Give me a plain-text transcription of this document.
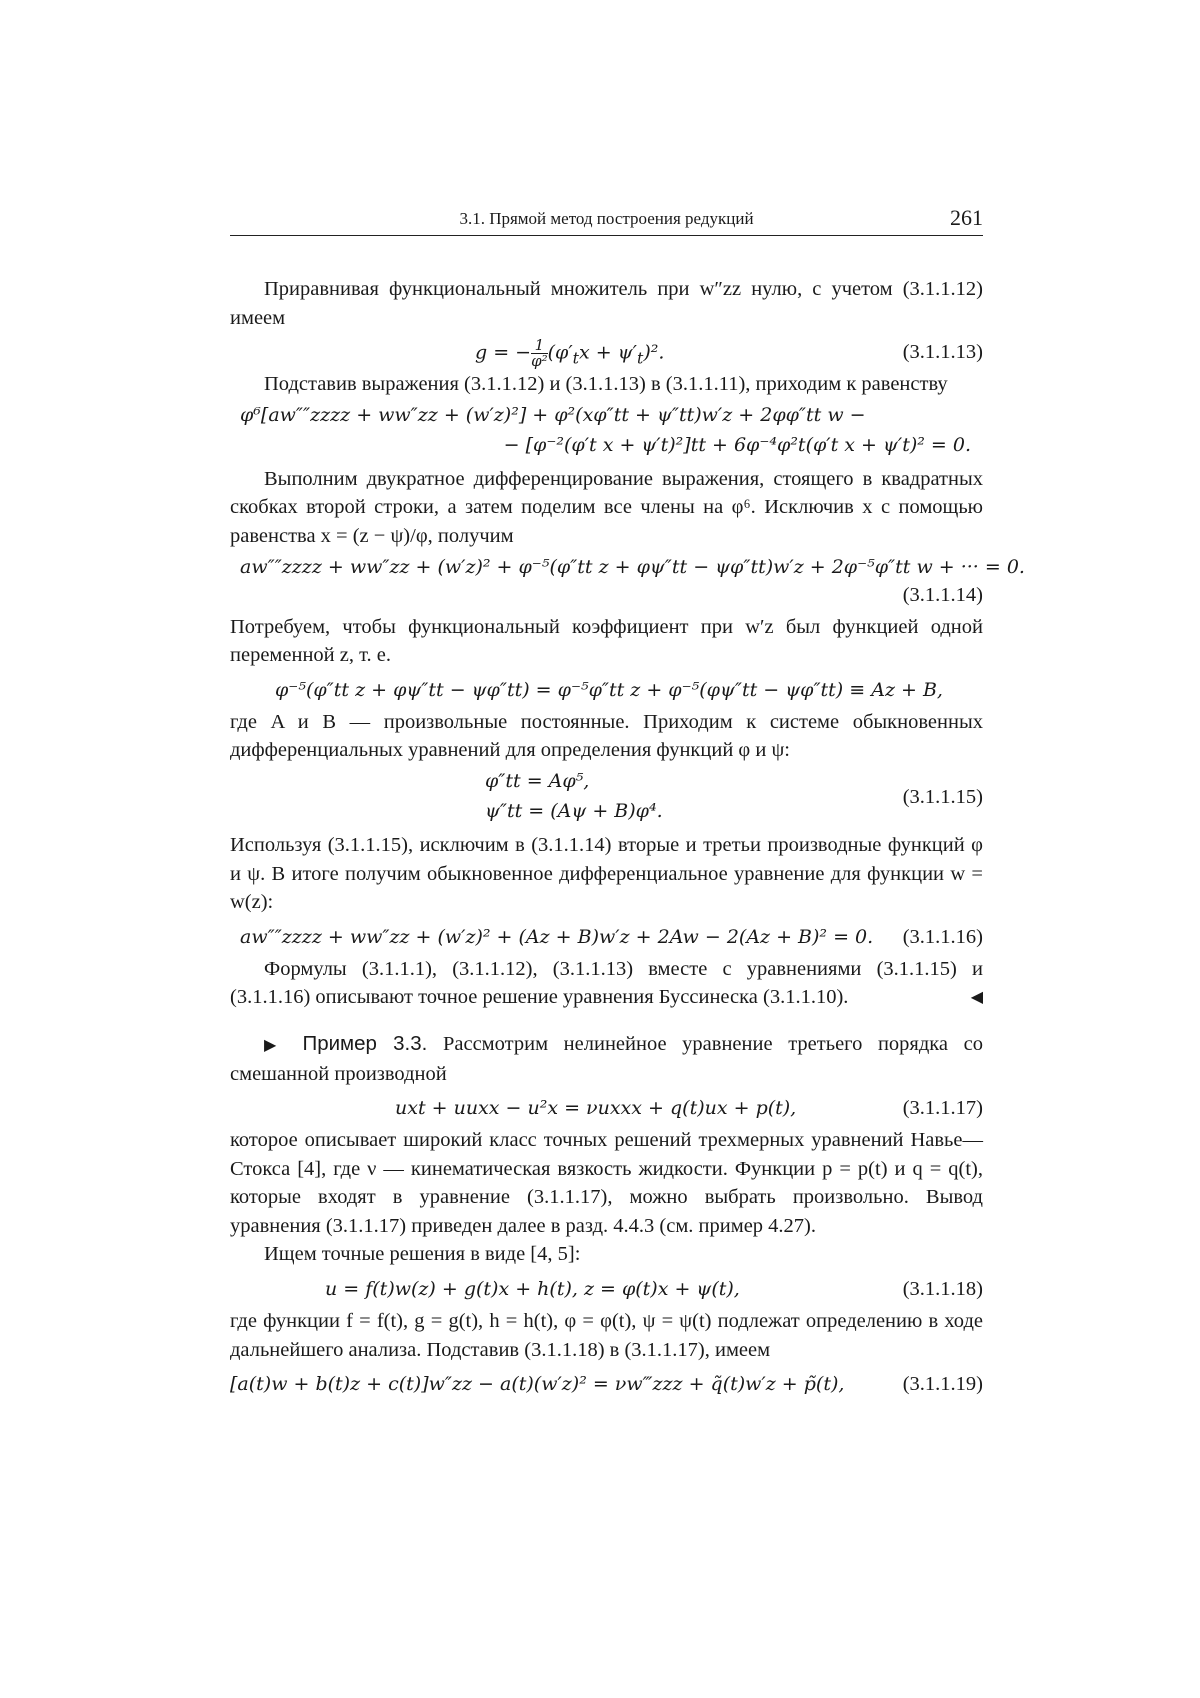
3.1. Прямой метод построения редукций	261

Приравнивая функциональный множитель при w″zz нулю, с учетом (3.1.1.12) имеем

g = − $\frac{1}{\text{φ²}} (\varphi'_tx + \psi'_t)^2$.	(3.1.1.13)

Подставив выражения (3.1.1.12) и (3.1.1.13) в (3.1.1.11), приходим к равенству

φ⁶[aw″″zzzz + ww″zz + (w′z)²] + φ²(xφ″tt + ψ″tt)w′z + 2φφ″tt w −
− [φ⁻²(φ′t x + ψ′t)²]tt + 6φ⁻⁴φ²t(φ′t x + ψ′t)² = 0.

Выполним двукратное дифференцирование выражения, стоящего в квадратных скобках второй строки, а затем поделим все члены на φ⁶. Исключив x с помощью равенства x = (z − ψ)/φ, получим

aw″″zzzz + ww″zz + (w′z)² + φ⁻⁵(φ″tt z + φψ″tt − ψφ″tt)w′z + 2φ⁻⁵φ″tt w + ··· = 0.
(3.1.1.14)

Потребуем, чтобы функциональный коэффициент при w′z был функцией одной переменной z, т. е.

φ⁻⁵(φ″tt z + φψ″tt − ψφ″tt) = φ⁻⁵φ″tt z + φ⁻⁵(φψ″tt − ψφ″tt) ≡ Az + B,

где A и B — произвольные постоянные. Приходим к системе обыкновенных дифференциальных уравнений для определения функций φ и ψ:

φ″tt = Aφ⁵,
ψ″tt = (Aψ + B)φ⁴.
(3.1.1.15)

Используя (3.1.1.15), исключим в (3.1.1.14) вторые и третьи производные функций φ и ψ. В итоге получим обыкновенное дифференциальное уравнение для функции w = w(z):

aw″″zzzz + ww″zz + (w′z)² + (Az + B)w′z + 2Aw − 2(Az + B)² = 0. (3.1.1.16)

Формулы (3.1.1.1), (3.1.1.12), (3.1.1.13) вместе с уравнениями (3.1.1.15) и (3.1.1.16) описывают точное решение уравнения Буссинеска (3.1.1.10).	◀

▶ Пример 3.3. Рассмотрим нелинейное уравнение третьего порядка со смешанной производной

uxt + uuxx − u²x = νuxxx + q(t)ux + p(t),	(3.1.1.17)

которое описывает широкий класс точных решений трехмерных уравнений Навье—Стокса [4], где ν — кинематическая вязкость жидкости. Функции p = p(t) и q = q(t), которые входят в уравнение (3.1.1.17), можно выбрать произвольно. Вывод уравнения (3.1.1.17) приведен далее в разд. 4.4.3 (см. пример 4.27).

Ищем точные решения в виде [4, 5]:

u = f(t)w(z) + g(t)x + h(t), z = φ(t)x + ψ(t),	(3.1.1.18)

где функции f = f(t), g = g(t), h = h(t), φ = φ(t), ψ = ψ(t) подлежат определению в ходе дальнейшего анализа. Подставив (3.1.1.18) в (3.1.1.17), имеем

[a(t)w + b(t)z + c(t)]w″zz − a(t)(w′z)² = νw‴zzz + q̃(t)w′z + p̃(t),	(3.1.1.19)
